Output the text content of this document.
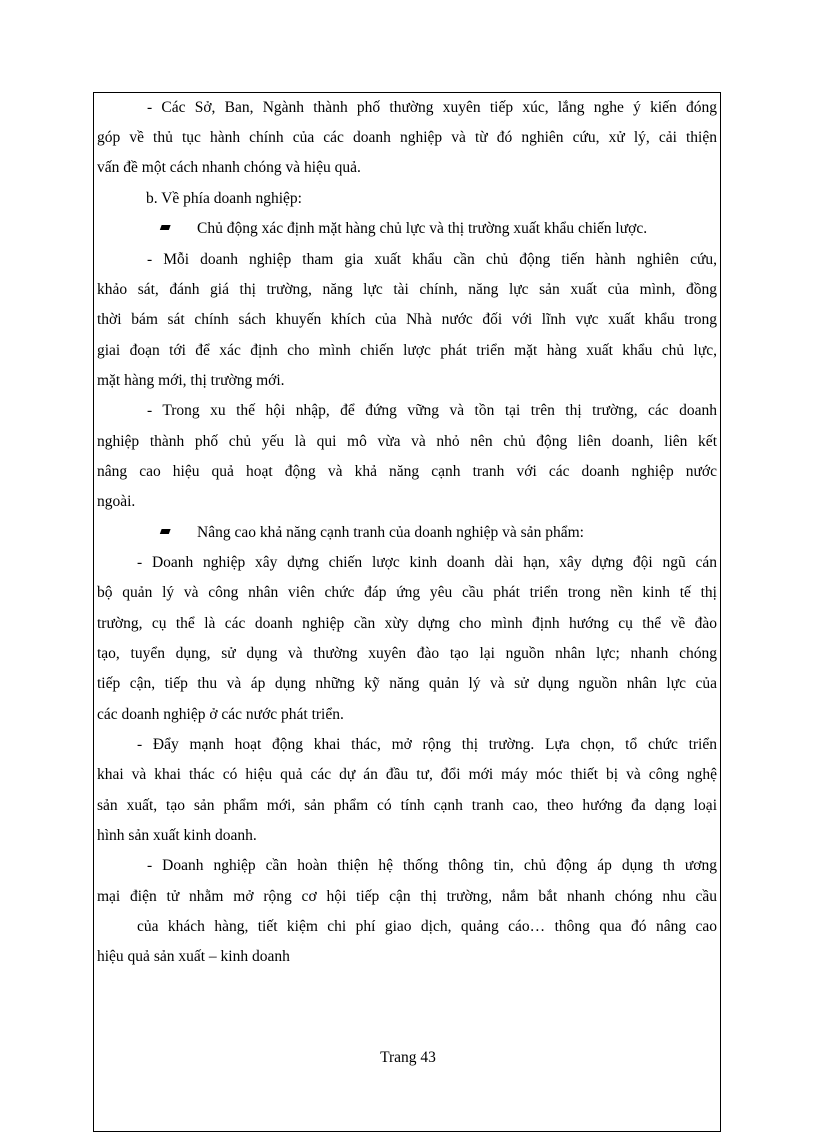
- Các Sở, Ban, Ngành thành phố thường xuyên tiếp xúc, lắng nghe ý kiến đóng
góp về thủ tục hành chính của các doanh nghiệp và từ đó nghiên cứu, xử lý, cải thiện
vấn đề một cách nhanh chóng và hiệu quả.
b. Về phía doanh nghiệp:
Chủ động xác định mặt hàng chủ lực và thị trường xuất khẩu chiến lược.
- Mỗi doanh nghiệp tham gia xuất khẩu cần chủ động tiến hành nghiên cứu,
khảo sát, đánh giá thị trường, năng lực tài chính, năng lực sản xuất của mình, đồng
thời bám sát chính sách khuyến khích của Nhà nước đối với lĩnh vực xuất khẩu trong
giai đoạn tới để xác định cho mình chiến lược phát triển mặt hàng xuất khẩu chủ lực,
mặt hàng mới, thị trường mới.
- Trong xu thế hội nhập, để đứng vững và tồn tại trên thị trường, các doanh
nghiệp thành phố chủ yếu là qui mô vừa và nhỏ nên chủ động liên doanh, liên kết
nâng cao hiệu quả hoạt động và khả năng cạnh tranh với các doanh nghiệp nước
ngoài.
Nâng cao khả năng cạnh tranh của doanh nghiệp và sản phẩm:
- Doanh nghiệp xây dựng chiến lược kinh doanh dài hạn, xây dựng đội ngũ cán
bộ quản lý và công nhân viên chức đáp ứng yêu cầu phát triển trong nền kinh tế thị
trường, cụ thể là các doanh nghiệp cần xừy dựng cho mình định hướng cụ thể về đào
tạo, tuyển dụng, sử dụng và thường xuyên đào tạo lại nguồn nhân lực; nhanh chóng
tiếp cận, tiếp thu và áp dụng những kỹ năng quản lý và sử dụng nguồn nhân lực của
các doanh nghiệp ở các nước phát triển.
- Đẩy mạnh hoạt động khai thác, mở rộng thị trường. Lựa chọn, tổ chức triển
khai và khai thác có hiệu quả các dự án đầu tư, đổi mới máy móc thiết bị và công nghệ
sản xuất, tạo sản phẩm mới, sản phẩm có tính cạnh tranh cao, theo hướng đa dạng loại
hình sản xuất kinh doanh.
- Doanh nghiệp cần hoàn thiện hệ thống thông tin, chủ động áp dụng th ương
mại điện tử nhằm mở rộng cơ hội tiếp cận thị trường, nắm bắt nhanh chóng nhu cầu
của khách hàng, tiết kiệm chi phí giao dịch, quảng cáo… thông qua đó nâng cao
hiệu quả sản xuất – kinh doanh
Trang 43
